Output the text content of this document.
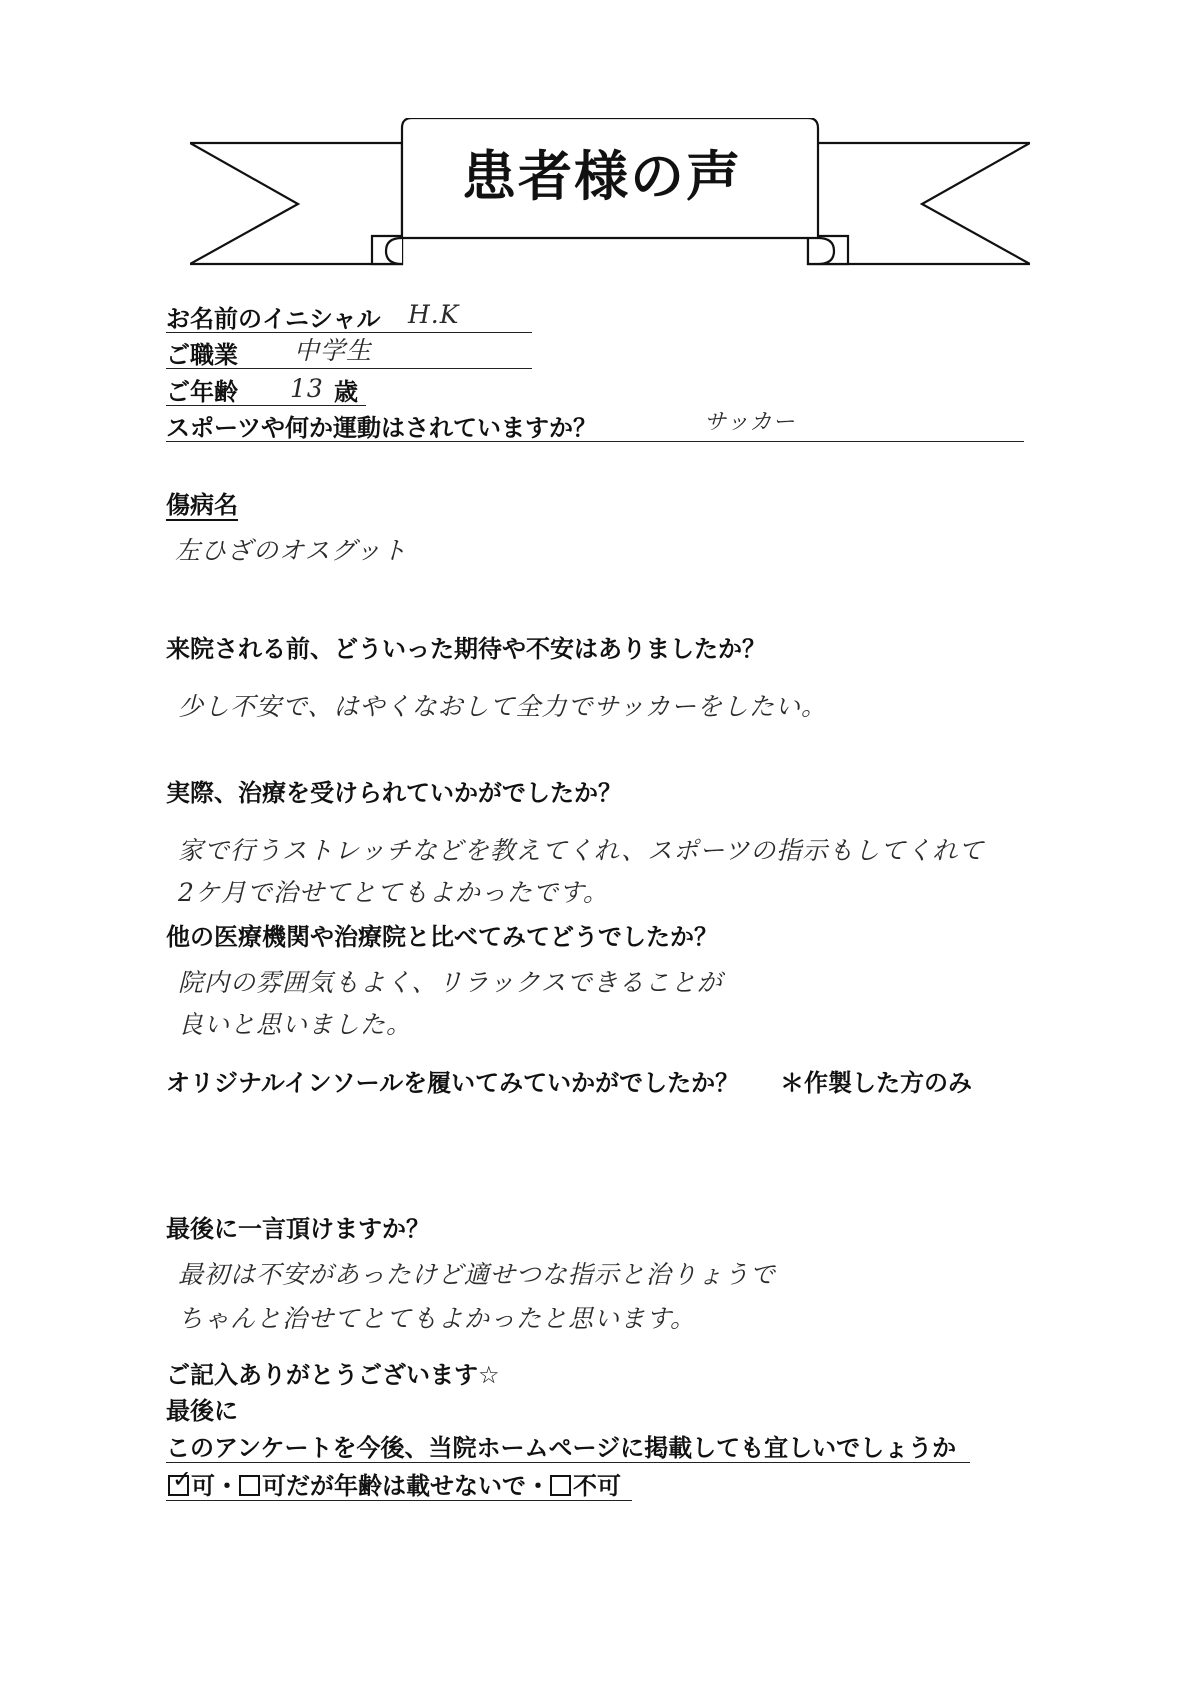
患者様の声
お名前のイニシャル H.K
ご職業 中学生
ご年齢 13 歳
スポーツや何か運動はされていますか？	サッカー
傷病名
左ひざのオスグット
来院される前、どういった期待や不安はありましたか？
少し不安で、はやくなおして全力でサッカーをしたい。
実際、治療を受けられていかがでしたか？
家で行うストレッチなどを教えてくれ、スポーツの指示もしてくれて
2ケ月で治せてとてもよかったです。
他の医療機関や治療院と比べてみてどうでしたか？
院内の雰囲気もよく、リラックスできることが
良いと思いました。
オリジナルインソールを履いてみていかがでしたか？ ＊作製した方のみ
最後に一言頂けますか？
最初は不安があったけど適せつな指示と治りょうで
ちゃんと治せてとてもよかったと思います。
ご記入ありがとうございます☆
最後に
このアンケートを今後、当院ホームページに掲載しても宜しいでしょうか
✓
可・ 可だが年齢は載せないで・ 不可
